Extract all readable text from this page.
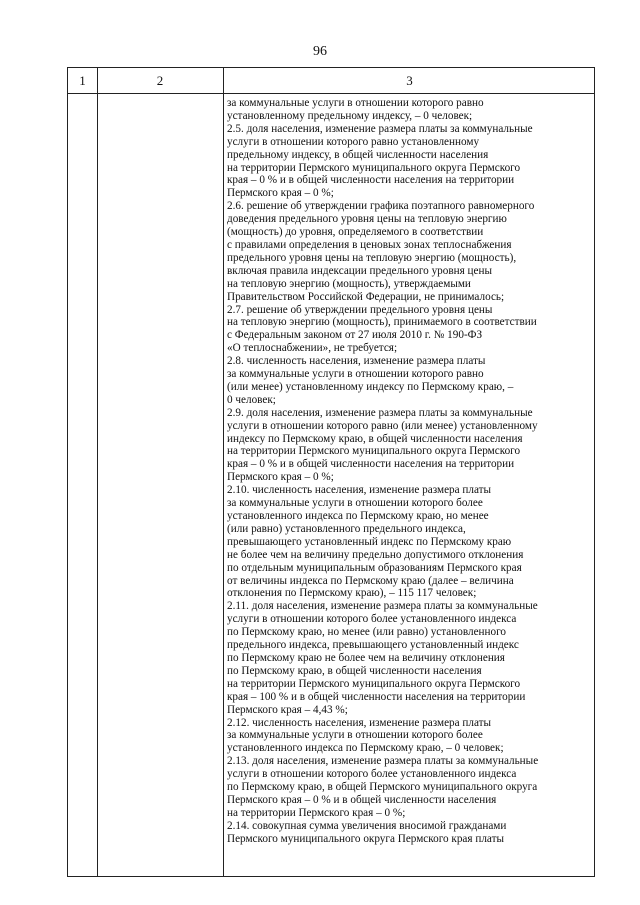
96
1	2	3
за коммунальные услуги в отношении которого равно
установленному предельному индексу, – 0 человек;
2.5. доля населения, изменение размера платы за коммунальные
услуги в отношении которого равно установленному
предельному индексу, в общей численности населения
на территории Пермского муниципального округа Пермского
края – 0 % и в общей численности населения на территории
Пермского края – 0 %;
2.6. решение об утверждении графика поэтапного равномерного
доведения предельного уровня цены на тепловую энергию
(мощность) до уровня, определяемого в соответствии
с правилами определения в ценовых зонах теплоснабжения
предельного уровня цены на тепловую энергию (мощность),
включая правила индексации предельного уровня цены
на тепловую энергию (мощность), утверждаемыми
Правительством Российской Федерации, не принималось;
2.7. решение об утверждении предельного уровня цены
на тепловую энергию (мощность), принимаемого в соответствии
с Федеральным законом от 27 июля 2010 г. № 190-ФЗ
«О теплоснабжении», не требуется;
2.8. численность населения, изменение размера платы
за коммунальные услуги в отношении которого равно
(или менее) установленному индексу по Пермскому краю, –
0 человек;
2.9. доля населения, изменение размера платы за коммунальные
услуги в отношении которого равно (или менее) установленному
индексу по Пермскому краю, в общей численности населения
на территории Пермского муниципального округа Пермского
края – 0 % и в общей численности населения на территории
Пермского края – 0 %;
2.10. численность населения, изменение размера платы
за коммунальные услуги в отношении которого более
установленного индекса по Пермскому краю, но менее
(или равно) установленного предельного индекса,
превышающего установленный индекс по Пермскому краю
не более чем на величину предельно допустимого отклонения
по отдельным муниципальным образованиям Пермского края
от величины индекса по Пермскому краю (далее – величина
отклонения по Пермскому краю), – 115 117 человек;
2.11. доля населения, изменение размера платы за коммунальные
услуги в отношении которого более установленного индекса
по Пермскому краю, но менее (или равно) установленного
предельного индекса, превышающего установленный индекс
по Пермскому краю не более чем на величину отклонения
по Пермскому краю, в общей численности населения
на территории Пермского муниципального округа Пермского
края – 100 % и в общей численности населения на территории
Пермского края – 4,43 %;
2.12. численность населения, изменение размера платы
за коммунальные услуги в отношении которого более
установленного индекса по Пермскому краю, – 0 человек;
2.13. доля населения, изменение размера платы за коммунальные
услуги в отношении которого более установленного индекса
по Пермскому краю, в общей Пермского муниципального округа
Пермского края – 0 % и в общей численности населения
на территории Пермского края – 0 %;
2.14. совокупная сумма увеличения вносимой гражданами
Пермского муниципального округа Пермского края платы
